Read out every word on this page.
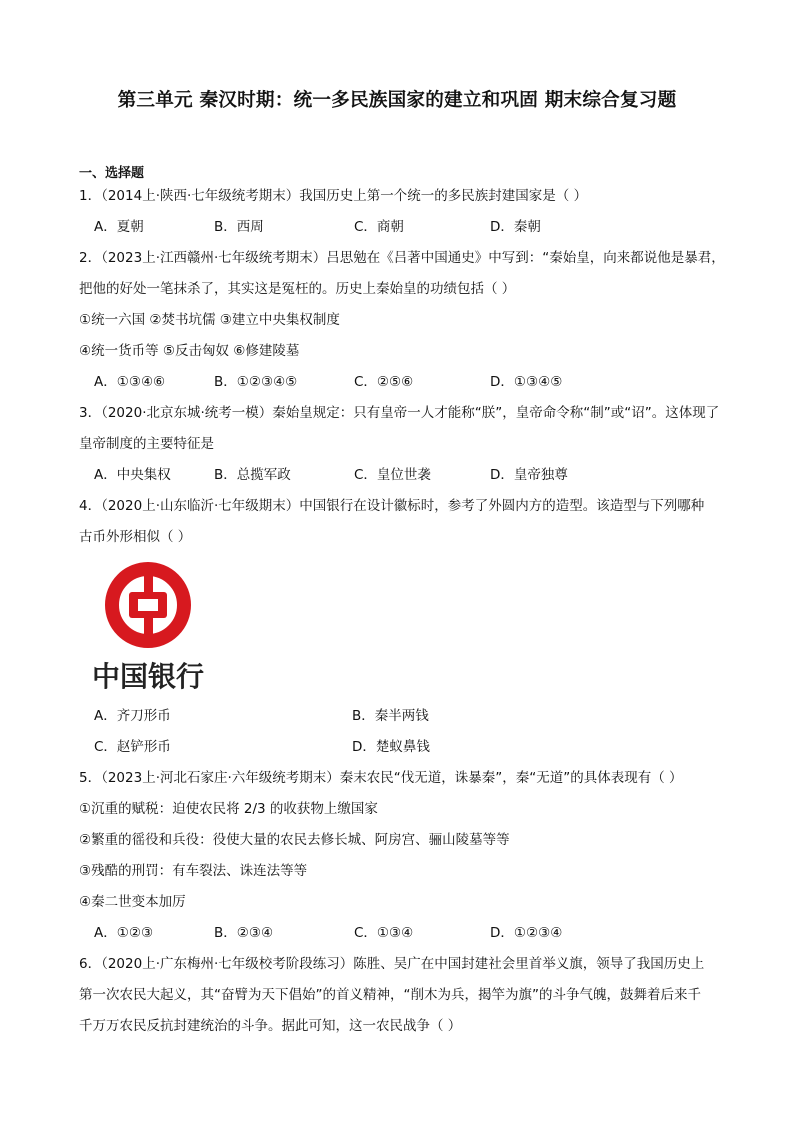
第三单元 秦汉时期：统一多民族国家的建立和巩固 期末综合复习题
一、选择题
1．（2014上·陕西·七年级统考期末）我国历史上第一个统一的多民族封建国家是（ ）
A．夏朝	B．西周	C．商朝	D．秦朝
2．（2023上·江西赣州·七年级统考期末）吕思勉在《吕著中国通史》中写到：“秦始皇，向来都说他是暴君，
把他的好处一笔抹杀了，其实这是冤枉的。历史上秦始皇的功绩包括（ ）
①统一六国 ②焚书坑儒 ③建立中央集权制度
④统一货币等 ⑤反击匈奴 ⑥修建陵墓
A．①③④⑥	B．①②③④⑤	C．②⑤⑥	D．①③④⑤
3．（2020·北京东城·统考一模）秦始皇规定：只有皇帝一人才能称“朕”，皇帝命令称“制”或“诏”。这体现了
皇帝制度的主要特征是
A．中央集权	B．总揽军政	C．皇位世袭	D．皇帝独尊
4．（2020上·山东临沂·七年级期末）中国银行在设计徽标时，参考了外圆内方的造型。该造型与下列哪种
古币外形相似（ ）
中国银行
A．齐刀形币	B．秦半两钱
C．赵铲形币	D．楚蚁鼻钱
5．（2023上·河北石家庄·六年级统考期末）秦末农民“伐无道，诛暴秦”，秦“无道”的具体表现有（ ）
①沉重的赋税：迫使农民将 2/3 的收获物上缴国家
②繁重的徭役和兵役：役使大量的农民去修长城、阿房宫、骊山陵墓等等
③残酷的刑罚：有车裂法、诛连法等等
④秦二世变本加厉
A．①②③	B．②③④	C．①③④	D．①②③④
6．（2020上·广东梅州·七年级校考阶段练习）陈胜、吴广在中国封建社会里首举义旗，领导了我国历史上
第一次农民大起义，其“奋臂为天下倡始”的首义精神，“削木为兵，揭竿为旗”的斗争气魄，鼓舞着后来千
千万万农民反抗封建统治的斗争。据此可知，这一农民战争（ ）
